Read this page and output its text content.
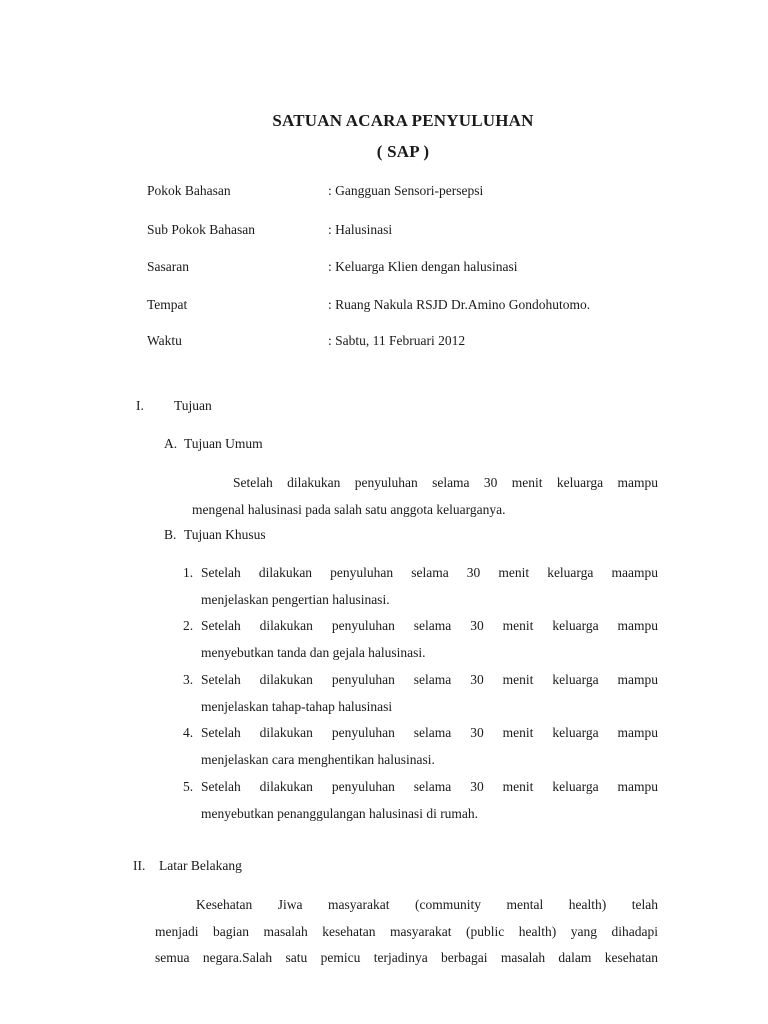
SATUAN ACARA PENYULUHAN
( SAP )
Pokok Bahasan	: Gangguan Sensori-persepsi
Sub Pokok Bahasan	: Halusinasi
Sasaran	: Keluarga Klien dengan halusinasi
Tempat	: Ruang Nakula RSJD Dr.Amino Gondohutomo.
Waktu	: Sabtu, 11 Februari 2012
I. Tujuan
A. Tujuan Umum
Setelah dilakukan penyuluhan selama 30 menit keluarga mampu
mengenal halusinasi pada salah satu anggota keluarganya.
B. Tujuan Khusus
1. Setelah dilakukan penyuluhan selama 30 menit keluarga maampu
menjelaskan pengertian halusinasi.
2. Setelah dilakukan penyuluhan selama 30 menit keluarga mampu
menyebutkan tanda dan gejala halusinasi.
3. Setelah dilakukan penyuluhan selama 30 menit keluarga mampu
menjelaskan tahap-tahap halusinasi
4. Setelah dilakukan penyuluhan selama 30 menit keluarga mampu
menjelaskan cara menghentikan halusinasi.
5. Setelah dilakukan penyuluhan selama 30 menit keluarga mampu
menyebutkan penanggulangan halusinasi di rumah.
II. Latar Belakang
Kesehatan Jiwa masyarakat (community mental health) telah
menjadi bagian masalah kesehatan masyarakat (public health) yang dihadapi
semua negara.Salah satu pemicu terjadinya berbagai masalah dalam kesehatan
